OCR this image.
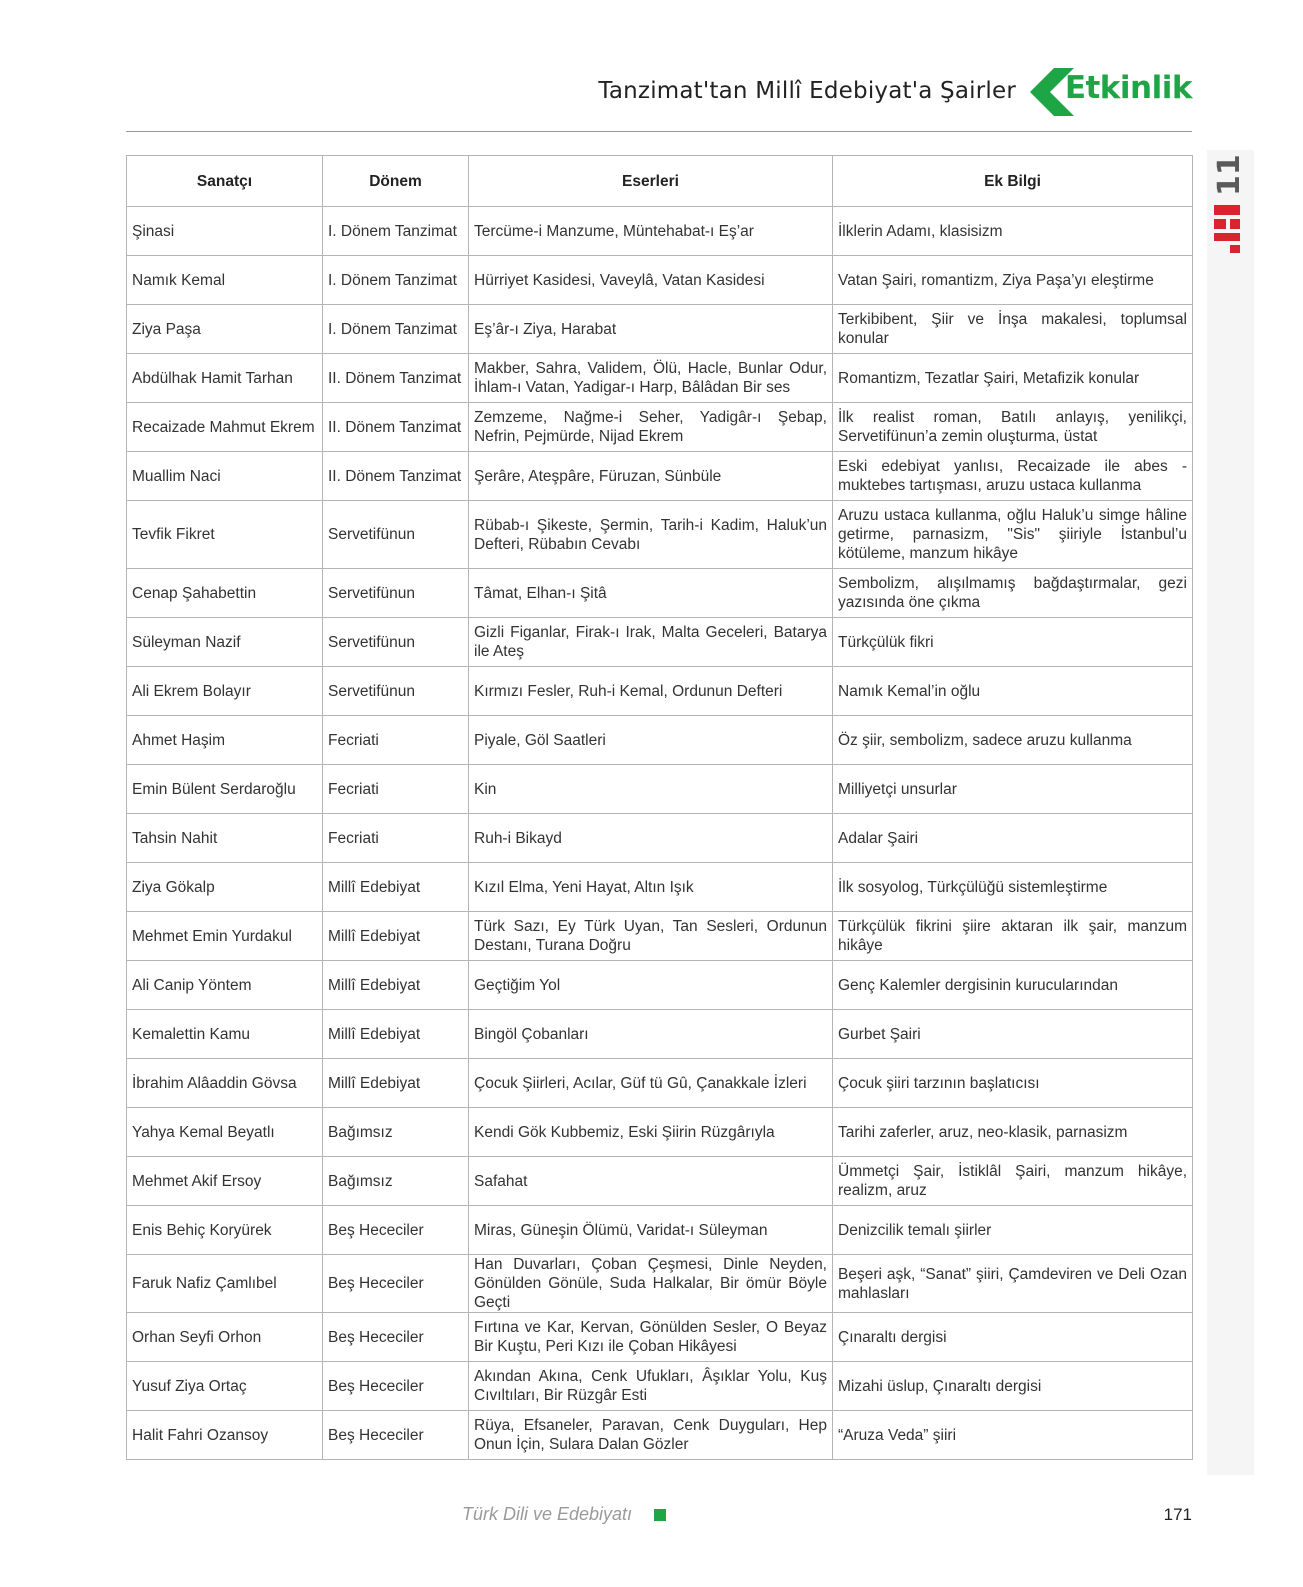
Tanzimat'tan Millî Edebiyat'a Şairler Etkinlik
11
Sanatçı	Dönem	Eserleri	Ek Bilgi
Şinasi	I. Dönem Tanzimat	Tercüme-i Manzume, Müntehabat-ı Eş’ar	İlklerin Adamı, klasisizm
Namık Kemal	I. Dönem Tanzimat	Hürriyet Kasidesi, Vaveylâ, Vatan Kasidesi	Vatan Şairi, romantizm, Ziya Paşa’yı eleştirme
Ziya Paşa	I. Dönem Tanzimat	Eş’âr-ı Ziya, Harabat	Terkibibent, Şiir ve İnşa makalesi, toplumsal konular
Abdülhak Hamit Tarhan	II. Dönem Tanzimat	Makber, Sahra, Validem, Ölü, Hacle, Bunlar Odur, İhlam-ı Vatan, Yadigar-ı Harp, Bâlâdan Bir ses	Romantizm, Tezatlar Şairi, Metafizik konular
Recaizade Mahmut Ekrem	II. Dönem Tanzimat	Zemzeme, Nağme-i Seher, Yadigâr-ı Şebap, Nefrin, Pejmürde, Nijad Ekrem	İlk realist roman, Batılı anlayış, yenilikçi, Servetifünun’a zemin oluşturma, üstat
Muallim Naci	II. Dönem Tanzimat	Şerâre, Ateşpâre, Füruzan, Sünbüle	Eski edebiyat yanlısı, Recaizade ile abes - muktebes tartışması, aruzu ustaca kullanma
Tevfik Fikret	Servetifünun	Rübab-ı Şikeste, Şermin, Tarih-i Kadim, Haluk’un Defteri, Rübabın Cevabı	Aruzu ustaca kullanma, oğlu Haluk’u simge hâline getirme, parnasizm, "Sis" şiiriyle İstanbul’u kötüleme, manzum hikâye
Cenap Şahabettin	Servetifünun	Tâmat, Elhan-ı Şitâ	Sembolizm, alışılmamış bağdaştırmalar, gezi yazısında öne çıkma
Süleyman Nazif	Servetifünun	Gizli Figanlar, Firak-ı Irak, Malta Geceleri, Batarya ile Ateş	Türkçülük fikri
Ali Ekrem Bolayır	Servetifünun	Kırmızı Fesler, Ruh-i Kemal, Ordunun Defteri	Namık Kemal’in oğlu
Ahmet Haşim	Fecriati	Piyale, Göl Saatleri	Öz şiir, sembolizm, sadece aruzu kullanma
Emin Bülent Serdaroğlu	Fecriati	Kin	Milliyetçi unsurlar
Tahsin Nahit	Fecriati	Ruh-i Bikayd	Adalar Şairi
Ziya Gökalp	Millî Edebiyat	Kızıl Elma, Yeni Hayat, Altın Işık	İlk sosyolog, Türkçülüğü sistemleştirme
Mehmet Emin Yurdakul	Millî Edebiyat	Türk Sazı, Ey Türk Uyan, Tan Sesleri, Ordunun Destanı, Turana Doğru	Türkçülük fikrini şiire aktaran ilk şair, manzum hikâye
Ali Canip Yöntem	Millî Edebiyat	Geçtiğim Yol	Genç Kalemler dergisinin kurucularından
Kemalettin Kamu	Millî Edebiyat	Bingöl Çobanları	Gurbet Şairi
İbrahim Alâaddin Gövsa	Millî Edebiyat	Çocuk Şiirleri, Acılar, Güf tü Gû, Çanakkale İzleri	Çocuk şiiri tarzının başlatıcısı
Yahya Kemal Beyatlı	Bağımsız	Kendi Gök Kubbemiz, Eski Şiirin Rüzgârıyla	Tarihi zaferler, aruz, neo-klasik, parnasizm
Mehmet Akif Ersoy	Bağımsız	Safahat	Ümmetçi Şair, İstiklâl Şairi, manzum hikâye, realizm, aruz
Enis Behiç Koryürek	Beş Hececiler	Miras, Güneşin Ölümü, Varidat-ı Süleyman	Denizcilik temalı şiirler
Faruk Nafiz Çamlıbel	Beş Hececiler	Han Duvarları, Çoban Çeşmesi, Dinle Neyden, Gönülden Gönüle, Suda Halkalar, Bir ömür Böyle Geçti	Beşeri aşk, “Sanat” şiiri, Çamdeviren ve Deli Ozan mahlasları
Orhan Seyfi Orhon	Beş Hececiler	Fırtına ve Kar, Kervan, Gönülden Sesler, O Beyaz Bir Kuştu, Peri Kızı ile Çoban Hikâyesi	Çınaraltı dergisi
Yusuf Ziya Ortaç	Beş Hececiler	Akından Akına, Cenk Ufukları, Âşıklar Yolu, Kuş Cıvıltıları, Bir Rüzgâr Esti	Mizahi üslup, Çınaraltı dergisi
Halit Fahri Ozansoy	Beş Hececiler	Rüya, Efsaneler, Paravan, Cenk Duyguları, Hep Onun İçin, Sulara Dalan Gözler	“Aruza Veda” şiiri
Türk Dili ve Edebiyatı	171
